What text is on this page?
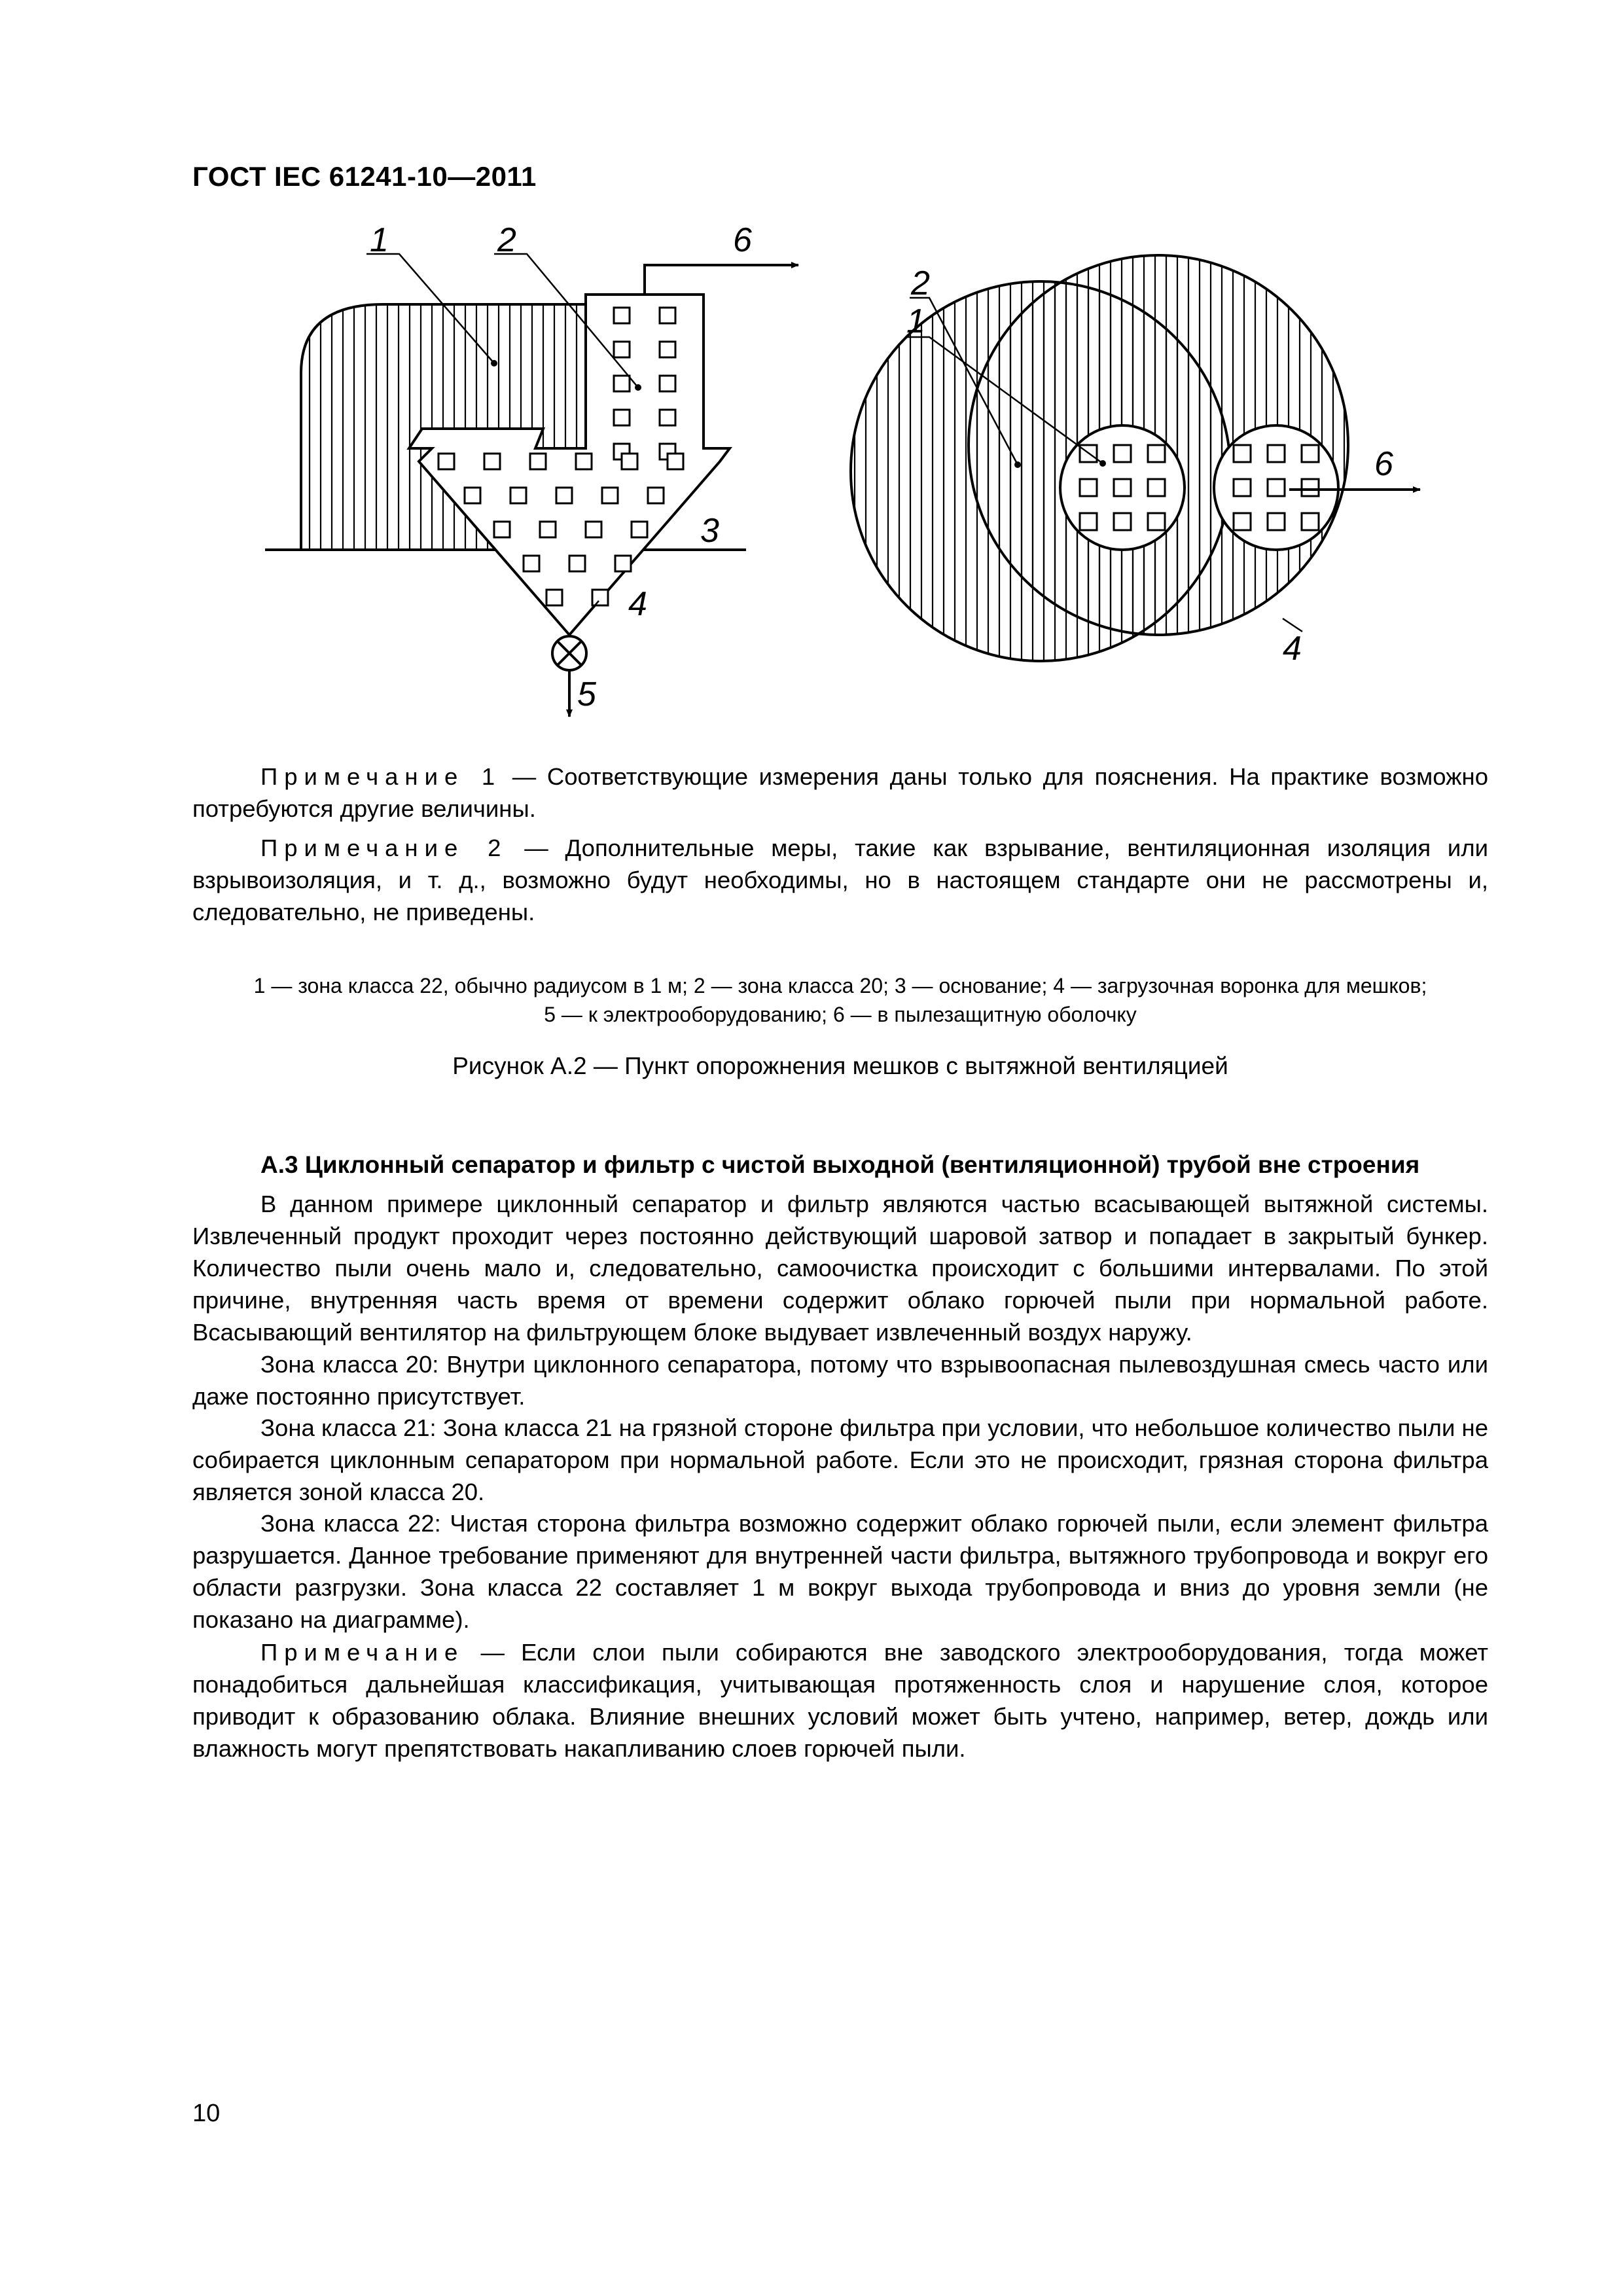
ГОСТ IEC 61241-10—2011
1	2	6
3
4
5
2
1
6
4
Примечание 1 — Соответствующие измерения даны только для пояснения. На практике возможно потребуются другие величины.
Примечание 2 — Дополнительные меры, такие как взрывание, вентиляционная изоляция или взрывоизоляция, и т. д., возможно будут необходимы, но в настоящем стандарте они не рассмотрены и, следовательно, не приведены.
1 — зона класса 22, обычно радиусом в 1 м; 2 — зона класса 20; 3 — основание; 4 — загрузочная воронка для мешков;
5 — к электрооборудованию; 6 — в пылезащитную оболочку
Рисунок А.2 — Пункт опорожнения мешков с вытяжной вентиляцией
А.3 Циклонный сепаратор и фильтр с чистой выходной (вентиляционной) трубой вне строения
В данном примере циклонный сепаратор и фильтр являются частью всасывающей вытяжной системы. Извлеченный продукт проходит через постоянно действующий шаровой затвор и попадает в закрытый бункер. Количество пыли очень мало и, следовательно, самоочистка происходит с большими интервалами. По этой причине, внутренняя часть время от времени содержит облако горючей пыли при нормальной работе. Всасывающий вентилятор на фильтрующем блоке выдувает извлеченный воздух наружу.
Зона класса 20: Внутри циклонного сепаратора, потому что взрывоопасная пылевоздушная смесь часто или даже постоянно присутствует.
Зона класса 21: Зона класса 21 на грязной стороне фильтра при условии, что небольшое количество пыли не собирается циклонным сепаратором при нормальной работе. Если это не происходит, грязная сторона фильтра является зоной класса 20.
Зона класса 22: Чистая сторона фильтра возможно содержит облако горючей пыли, если элемент фильтра разрушается. Данное требование применяют для внутренней части фильтра, вытяжного трубопровода и вокруг его области разгрузки. Зона класса 22 составляет 1 м вокруг выхода трубопровода и вниз до уровня земли (не показано на диаграмме).
Примечание — Если слои пыли собираются вне заводского электрооборудования, тогда может понадобиться дальнейшая классификация, учитывающая протяженность слоя и нарушение слоя, которое приводит к образованию облака. Влияние внешних условий может быть учтено, например, ветер, дождь или влажность могут препятствовать накапливанию слоев горючей пыли.
10
